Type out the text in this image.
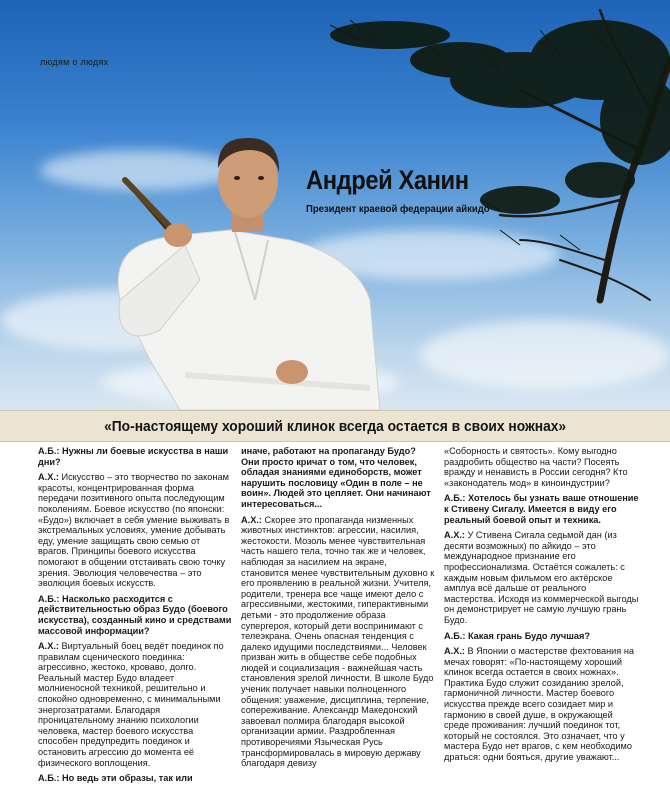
людям о людях
Андрей Ханин
Президент краевой федерации айкидо
«По-настоящему хороший клинок всегда остается в своих ножнах»

А.Б.: Нужны ли боевые искусства в наши дни?

А.Х.: Искусство – это творчество по законам красоты, концентрированная форма передачи позитивного опыта последующим поколениям. Боевое искусство (по японски: «Будо») включает в себя умение выживать в экстремальных условиях, умение добывать еду, умение защищать свою семью от врагов. Принципы боевого искусства помогают в общении отстаивать свою точку зрения. Эволюция человечества – это эволюция боевых искусств.

А.Б.: Насколько расходится с действительностью образ Будо (боевого искусства), созданный кино и средствами массовой информации?

А.Х.: Виртуальный боец ведёт поединок по правилам сценического поединка: агрессивно, жестоко, кроваво, долго. Реальный мастер Будо владеет молниеносной техникой, решительно и спокойно одновременно, с минимальными энергозатратами. Благодаря проницательному знанию психологии человека, мастер боевого искусства способен предупредить поединок и остановить агрессию до момента её физического воплощения.

А.Б.: Но ведь эти образы, так или

иначе, работают на пропаганду Будо? Они просто кричат о том, что человек, обладая знаниями единоборств, может нарушить пословицу «Один в поле – не воин». Людей это цепляет. Они начинают интересоваться...

А.Х.: Скорее это пропаганда низменных животных инстинктов: агрессии, насилия, жестокости. Мозоль менее чувствительная часть нашего тела, точно так же и человек, наблюдая за насилием на экране, становится менее чувствительным духовно к его проявлению в реальной жизни. Учителя, родители, тренера все чаще имеют дело с агрессивными, жестокими, гиперактивными детьми - это продолжение образа супергероя, который дети воспринимают с телеэкрана. Очень опасная тенденция с далеко идущими последствиями... Человек призван жить в обществе себе подобных людей и социализация - важнейшая часть становления зрелой личности. В школе Будо ученик получает навыки полноценного общения: уважение, дисциплина, терпение, сопереживание. Александр Македонский завоевал полмира благодаря высокой организации армии. Раздробленная противоречиями Языческая Русь трансформировалась в мировую державу благодаря девизу

«Соборность и святость». Кому выгодно раздробить общество на части? Посеять вражду и ненависть в России сегодня? Кто «законодатель мод» в киноиндустрии?

А.Б.: Хотелось бы узнать ваше отношение к Стивену Сигалу. Имеется в виду его реальный боевой опыт и техника.

А.Х.: У Стивена Сигала седьмой дан (из десяти возможных) по айкидо – это международное признание его профессионализма. Остаётся сожалеть: с каждым новым фильмом его актёрское амплуа всё дальше от реального мастерства. Исходя из коммерческой выгоды он демонстрирует не самую лучшую грань Будо.

А.Б.: Какая грань Будо лучшая?

А.Х.: В Японии о мастерстве фехтования на мечах говорят: «По-настоящему хороший клинок всегда остается в своих ножнах». Практика Будо служит созиданию зрелой, гармоничной личности. Мастер боевого искусства прежде всего созидает мир и гармонию в своей душе, в окружающей среде проживания: лучший поединок тот, который не состоялся. Это означает, что у мастера Будо нет врагов, с кем необходимо драться: одни бояться, другие уважают...
